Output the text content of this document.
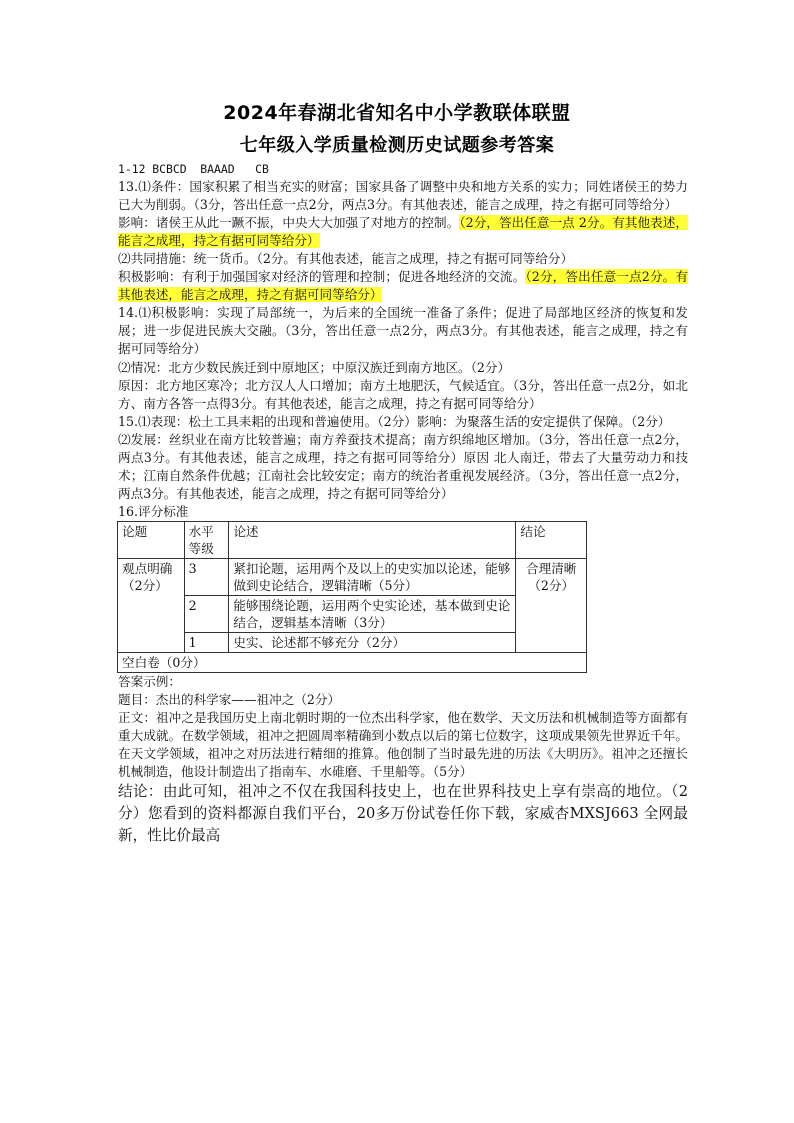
2024年春湖北省知名中小学教联体联盟
七年级入学质量检测历史试题参考答案

1-12 BCBCD  BAAAD   CB

13.⑴条件：国家积累了相当充实的财富；国家具备了调整中央和地方关系的实力；同姓诸侯王的势力已大为削弱。（3分，答出任意一点2分，两点3分。有其他表述，能言之成理，持之有据可同等给分）

影响：诸侯王从此一蹶不振，中央大大加强了对地方的控制。（2分，答出任意一点 2分。有其他表述，能言之成理，持之有据可同等给分）

⑵共同措施：统一货币。（2分。有其他表述，能言之成理，持之有据可同等给分）

积极影响：有利于加强国家对经济的管理和控制；促进各地经济的交流。（2分，答出任意一点2分。有其他表述，能言之成理，持之有据可同等给分）

14.⑴积极影响：实现了局部统一，为后来的全国统一准备了条件；促进了局部地区经济的恢复和发展；进一步促进民族大交融。（3分，答出任意一点2分，两点3分。有其他表述，能言之成理，持之有据可同等给分）

⑵情况：北方少数民族迁到中原地区；中原汉族迁到南方地区。（2分）

原因：北方地区寒冷；北方汉人人口增加；南方土地肥沃，气候适宜。（3分，答出任意一点2分，如北方、南方各答一点得3分。有其他表述，能言之成理，持之有据可同等给分）

15.⑴表现：松土工具耒耜的出现和普遍使用。（2分）影响：为聚落生活的安定提供了保障。（2分）

⑵发展：丝织业在南方比较普遍；南方养蚕技术提高；南方织绵地区增加。（3分，答出任意一点2分，两点3分。有其他表述，能言之成理，持之有据可同等给分）原因 北人南迁，带去了大量劳动力和技术；江南自然条件优越；江南社会比较安定；南方的统治者重视发展经济。（3分，答出任意一点2分，两点3分。有其他表述，能言之成理，持之有据可同等给分）

16.评分标准

论题	水平等级	论述	结论
观点明确（2分）	3	紧扣论题，运用两个及以上的史实加以论述，能够做到史论结合，逻辑清晰（5分）	合理清晰（2分）
	2	能够围绕论题，运用两个史实论述，基本做到史论结合，逻辑基本清晰（3分）	
	1	史实、论述都不够充分（2分）	
空白卷（0分）			

答案示例：

题目：杰出的科学家——祖冲之（2分）

正文：祖冲之是我国历史上南北朝时期的一位杰出科学家，他在数学、天文历法和机械制造等方面都有重大成就。在数学领域，祖冲之把圆周率精确到小数点以后的第七位数字，这项成果领先世界近千年。在天文学领域，祖冲之对历法进行精细的推算。他创制了当时最先进的历法《大明历》。祖冲之还擅长机械制造，他设计制造出了指南车、水碓磨、千里船等。（5分）

结论：由此可知，祖冲之不仅在我国科技史上，也在世界科技史上享有崇高的地位。（2分）您看到的资料都源自我们平台，20多万份试卷任你下载，家威杏MXSJ663 全网最新，性比价最高
